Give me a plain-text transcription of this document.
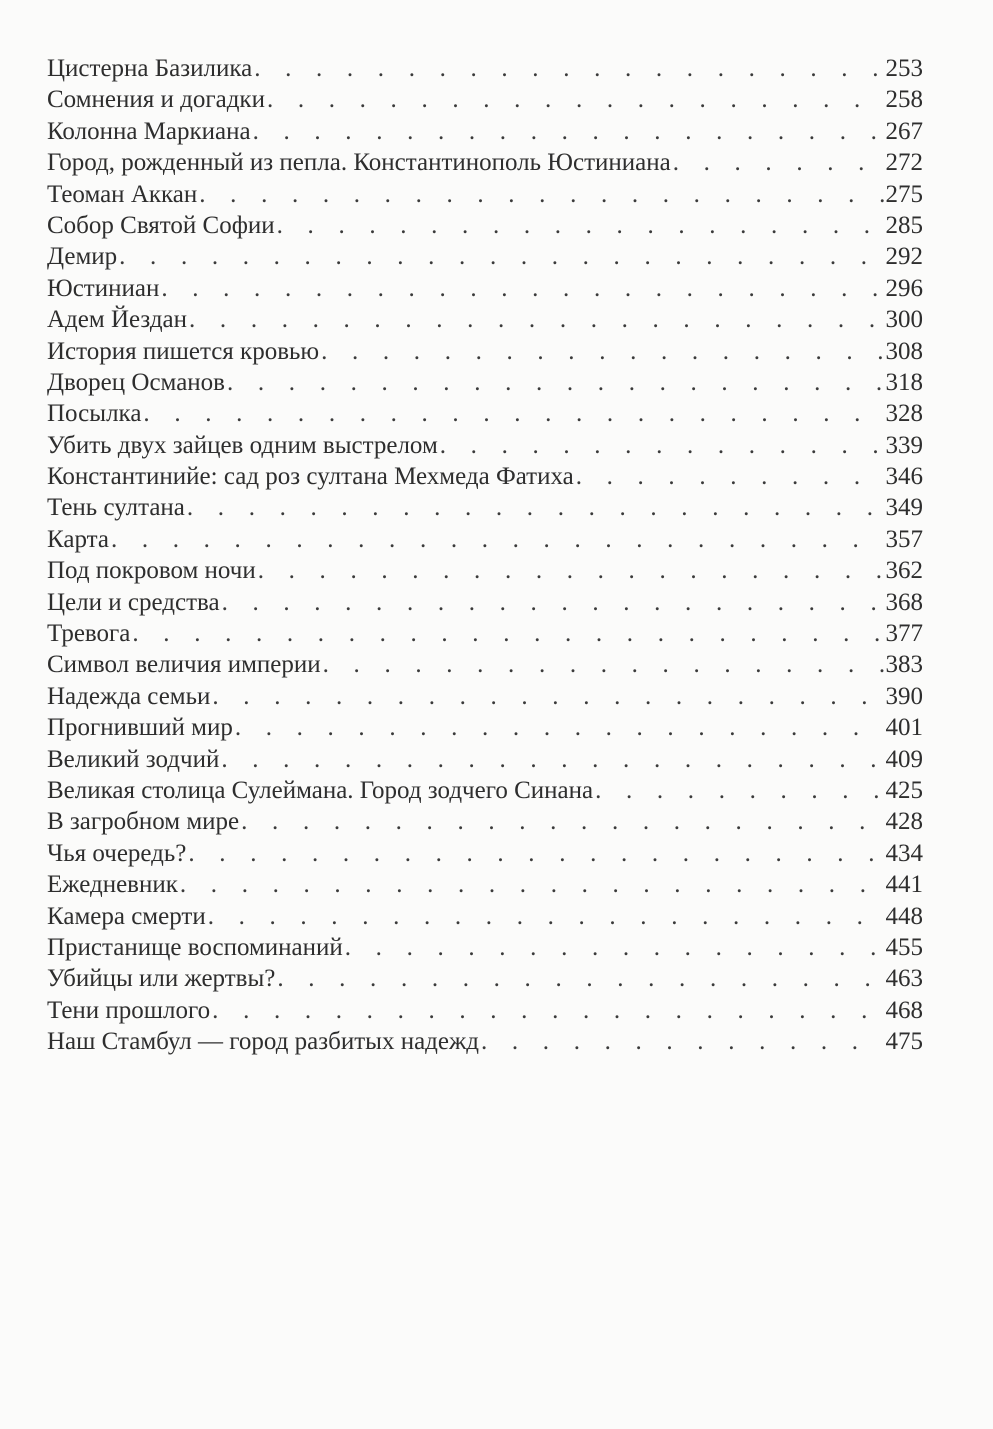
Цистерна Базилика . . .	253
Сомнения и догадки . . .	258
Колонна Маркиана . . .	267
Город, рожденный из пепла. Константинополь Юстиниана . . .	272
Теоман Аккан . . .	275
Собор Святой Софии . . .	285
Демир . . .	292
Юстиниан . . .	296
Адем Йездан . . .	300
История пишется кровью . . .	308
Дворец Османов . . .	318
Посылка . . .	328
Убить двух зайцев одним выстрелом . . .	339
Константинийе: сад роз султана Мехмеда Фатиха . . .	346
Тень султана . . .	349
Карта . . .	357
Под покровом ночи . . .	362
Цели и средства . . .	368
Тревога . . .	377
Символ величия империи . . .	383
Надежда семьи . . .	390
Прогнивший мир . . .	401
Великий зодчий . . .	409
Великая столица Сулеймана. Город зодчего Синана . . .	425
В загробном мире . . .	428
Чья очередь? . . .	434
Ежедневник . . .	441
Камера смерти . . .	448
Пристанище воспоминаний . . .	455
Убийцы или жертвы? . . .	463
Тени прошлого . . .	468
Наш Стамбул — город разбитых надежд . . .	475
